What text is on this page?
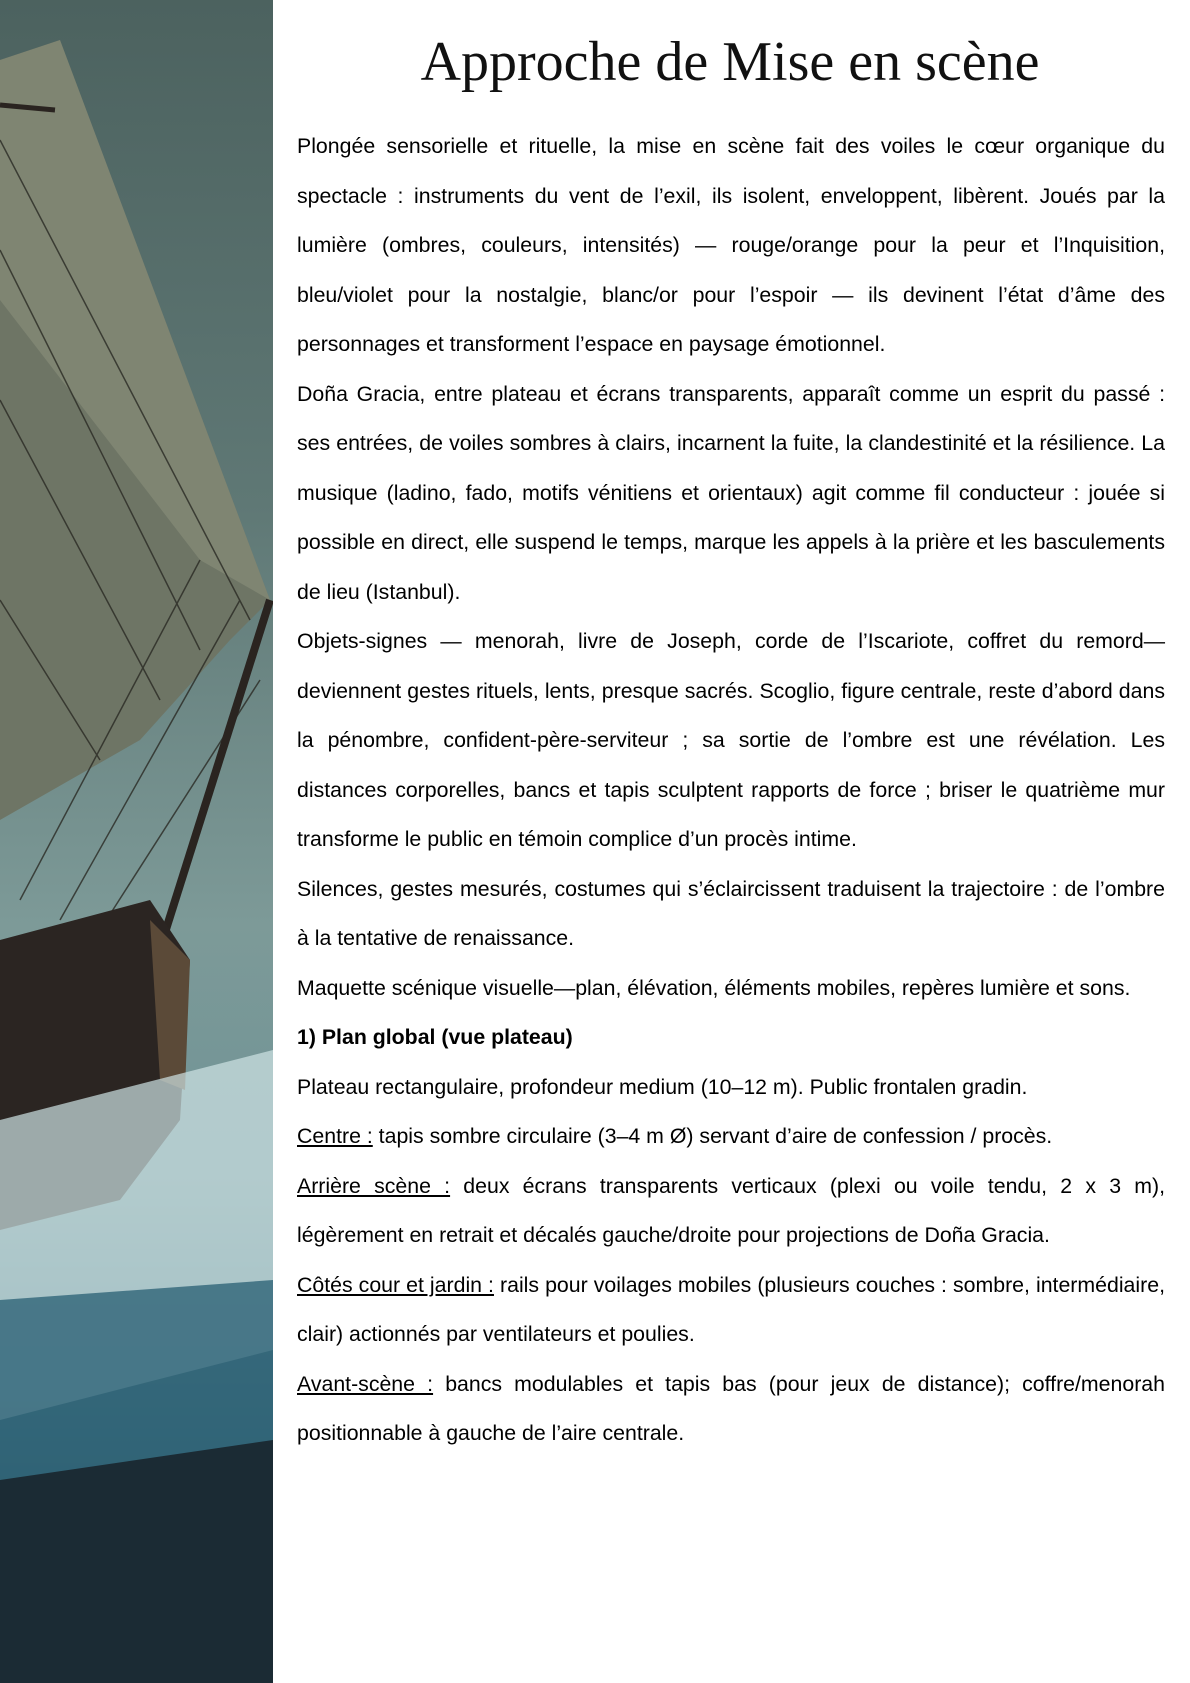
Approche de Mise en scène

Plongée sensorielle et rituelle, la mise en scène fait des voiles le cœur organique du spectacle : instruments du vent de l’exil, ils isolent, enveloppent, libèrent. Joués par la lumière (ombres, couleurs, intensités) — rouge/orange pour la peur et l’Inquisition, bleu/violet pour la nostalgie, blanc/or pour l’espoir — ils devinent l’état d’âme des personnages et transforment l’espace en paysage émotionnel.

Doña Gracia, entre plateau et écrans transparents, apparaît comme un esprit du passé : ses entrées, de voiles sombres à clairs, incarnent la fuite, la clandestinité et la résilience. La musique (ladino, fado, motifs vénitiens et orientaux) agit comme fil conducteur : jouée si possible en direct, elle suspend le temps, marque les appels à la prière et les basculements de lieu (Istanbul).

Objets-signes — menorah, livre de Joseph, corde de l’Iscariote, coffret du remord— deviennent gestes rituels, lents, presque sacrés. Scoglio, figure centrale, reste d’abord dans la pénombre, confident-père-serviteur ; sa sortie de l’ombre est une révélation. Les distances corporelles, bancs et tapis sculptent rapports de force ; briser le quatrième mur transforme le public en témoin complice d’un procès intime.

Silences, gestes mesurés, costumes qui s’éclaircissent traduisent la trajectoire : de l’ombre à la tentative de renaissance.

Maquette scénique visuelle—plan, élévation, éléments mobiles, repères lumière et sons.

1) Plan global (vue plateau)

Plateau rectangulaire, profondeur medium (10–12 m). Public frontalen gradin.

Centre : tapis sombre circulaire (3–4 m Ø) servant d’aire de confession / procès.

Arrière scène : deux écrans transparents verticaux (plexi ou voile tendu, 2 x 3 m), légèrement en retrait et décalés gauche/droite pour projections de Doña Gracia.

Côtés cour et jardin : rails pour voilages mobiles (plusieurs couches : sombre, intermédiaire, clair) actionnés par ventilateurs et poulies.

Avant-scène : bancs modulables et tapis bas (pour jeux de distance); coffre/menorah positionnable à gauche de l’aire centrale.
